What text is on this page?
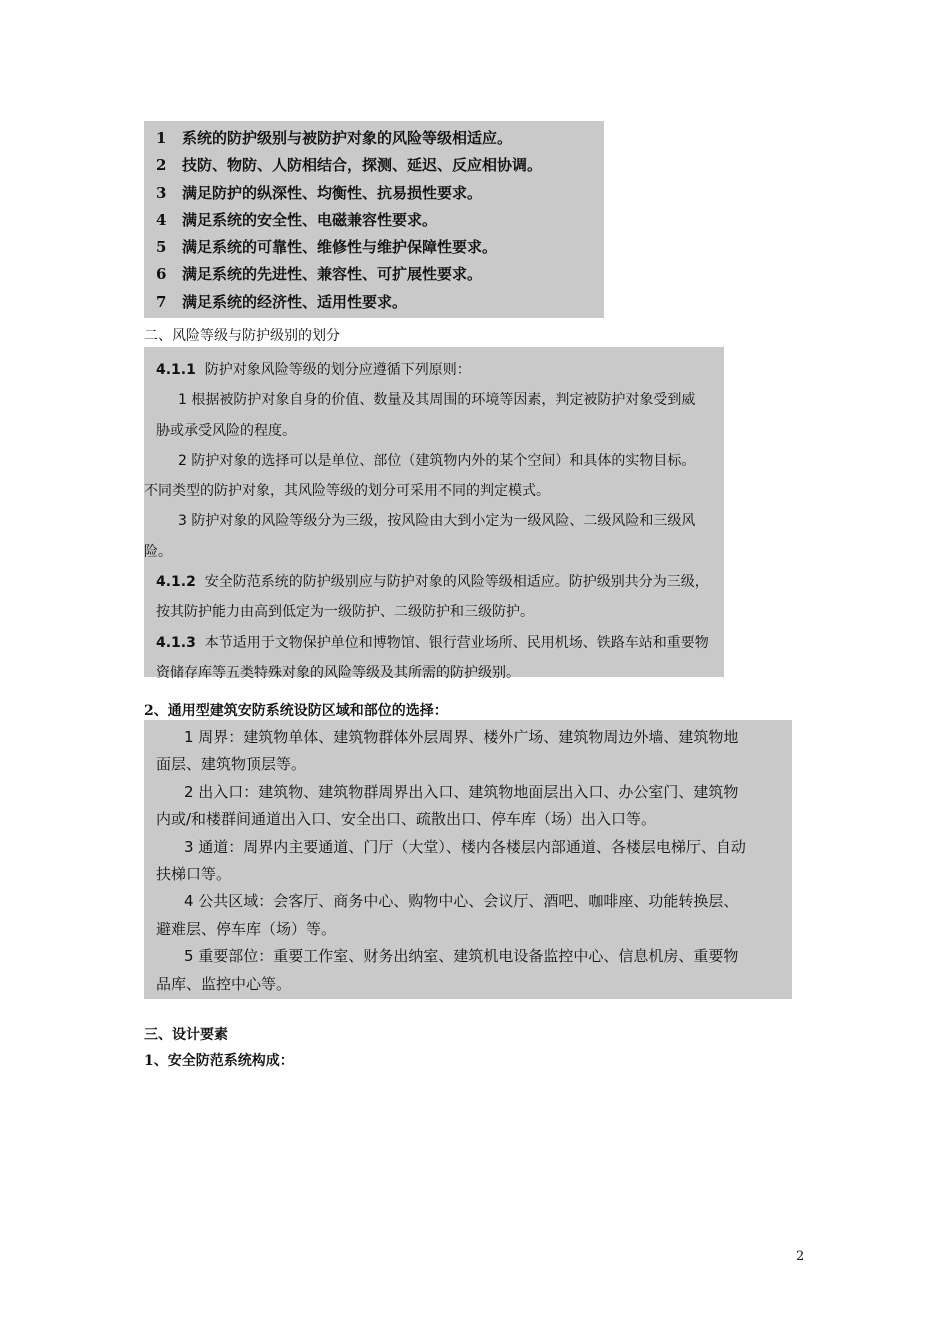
1 系统的防护级别与被防护对象的风险等级相适应。

2 技防、物防、人防相结合，探测、延迟、反应相协调。

3 满足防护的纵深性、均衡性、抗易损性要求。

4 满足系统的安全性、电磁兼容性要求。

5 满足系统的可靠性、维修性与维护保障性要求。

6 满足系统的先进性、兼容性、可扩展性要求。

7 满足系统的经济性、适用性要求。

二、风险等级与防护级别的划分

4.1.1 防护对象风险等级的划分应遵循下列原则：

1 根据被防护对象自身的价值、数量及其周围的环境等因素，判定被防护对象受到威

胁或承受风险的程度。

2 防护对象的选择可以是单位、部位（建筑物内外的某个空间）和具体的实物目标。

不同类型的防护对象，其风险等级的划分可采用不同的判定模式。

3 防护对象的风险等级分为三级，按风险由大到小定为一级风险、二级风险和三级风

险。

4.1.2 安全防范系统的防护级别应与防护对象的风险等级相适应。防护级别共分为三级，

按其防护能力由高到低定为一级防护、二级防护和三级防护。

4.1.3 本节适用于文物保护单位和博物馆、银行营业场所、民用机场、铁路车站和重要物

资储存库等五类特殊对象的风险等级及其所需的防护级别。

2、通用型建筑安防系统设防区域和部位的选择：

1 周界：建筑物单体、建筑物群体外层周界、楼外广场、建筑物周边外墙、建筑物地

面层、建筑物顶层等。

2 出入口：建筑物、建筑物群周界出入口、建筑物地面层出入口、办公室门、建筑物

内或/和楼群间通道出入口、安全出口、疏散出口、停车库（场）出入口等。

3 通道：周界内主要通道、门厅（大堂）、楼内各楼层内部通道、各楼层电梯厅、自动

扶梯口等。

4 公共区域：会客厅、商务中心、购物中心、会议厅、酒吧、咖啡座、功能转换层、

避难层、停车库（场）等。

5 重要部位：重要工作室、财务出纳室、建筑机电设备监控中心、信息机房、重要物

品库、监控中心等。

三、设计要素
1、安全防范系统构成：
2
